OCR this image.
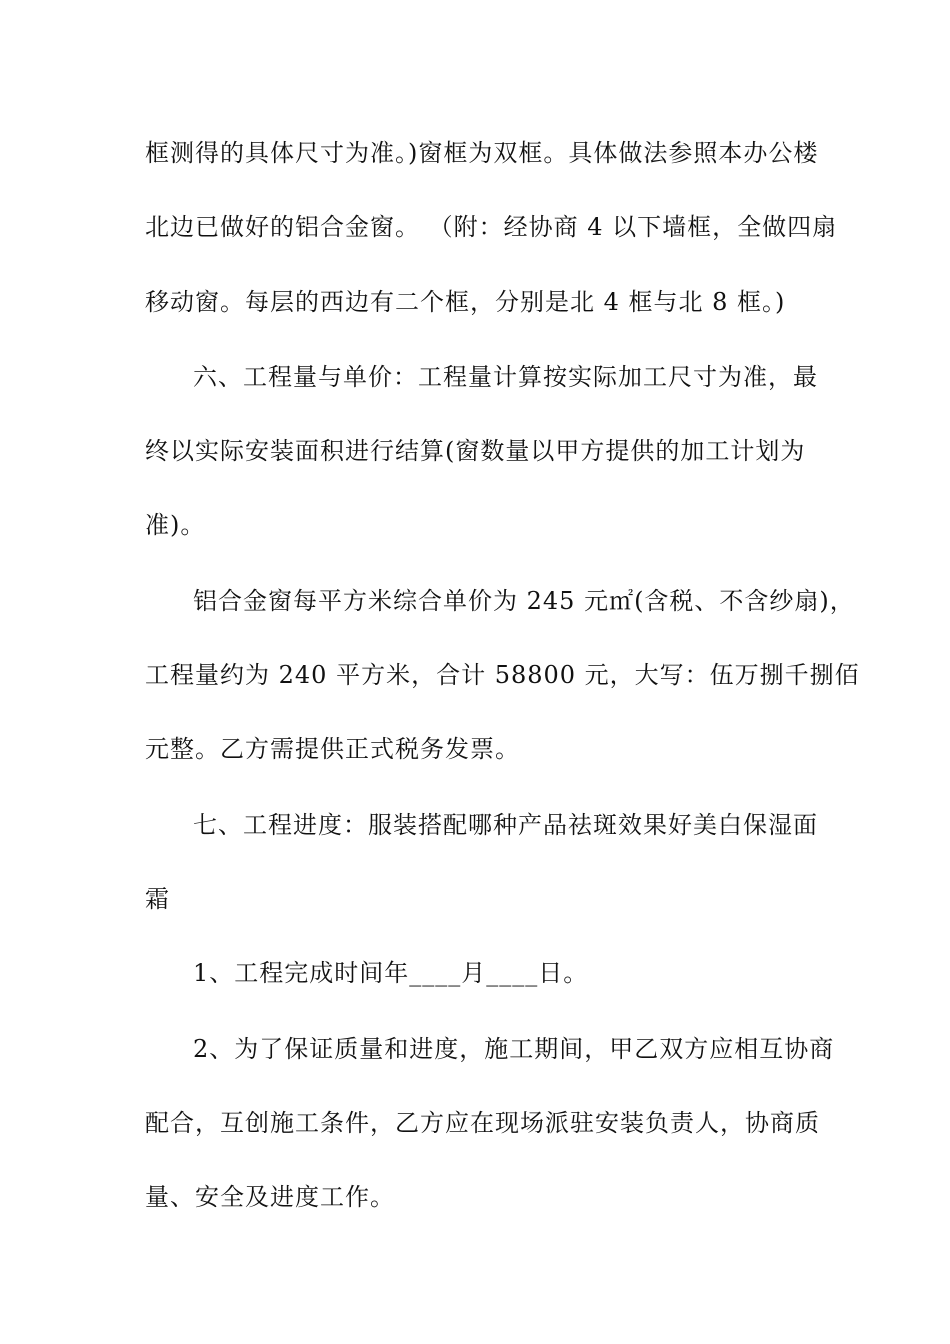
框测得的具体尺寸为准。)窗框为双框。具体做法参照本办公楼
北边已做好的铝合金窗。 （附：经协商 4 以下墙框，全做四扇
移动窗。每层的西边有二个框，分别是北 4 框与北 8 框。)
六、工程量与单价：工程量计算按实际加工尺寸为准，最
终以实际安装面积进行结算(窗数量以甲方提供的加工计划为
准)。
铝合金窗每平方米综合单价为 245 元㎡(含税、不含纱扇)，
工程量约为 240 平方米，合计 58800 元，大写：伍万捌千捌佰
元整。乙方需提供正式税务发票。
七、工程进度：服装搭配哪种产品祛斑效果好美白保湿面
霜
1、工程完成时间年____月____日。
2、为了保证质量和进度，施工期间，甲乙双方应相互协商
配合，互创施工条件，乙方应在现场派驻安装负责人，协商质
量、安全及进度工作。
